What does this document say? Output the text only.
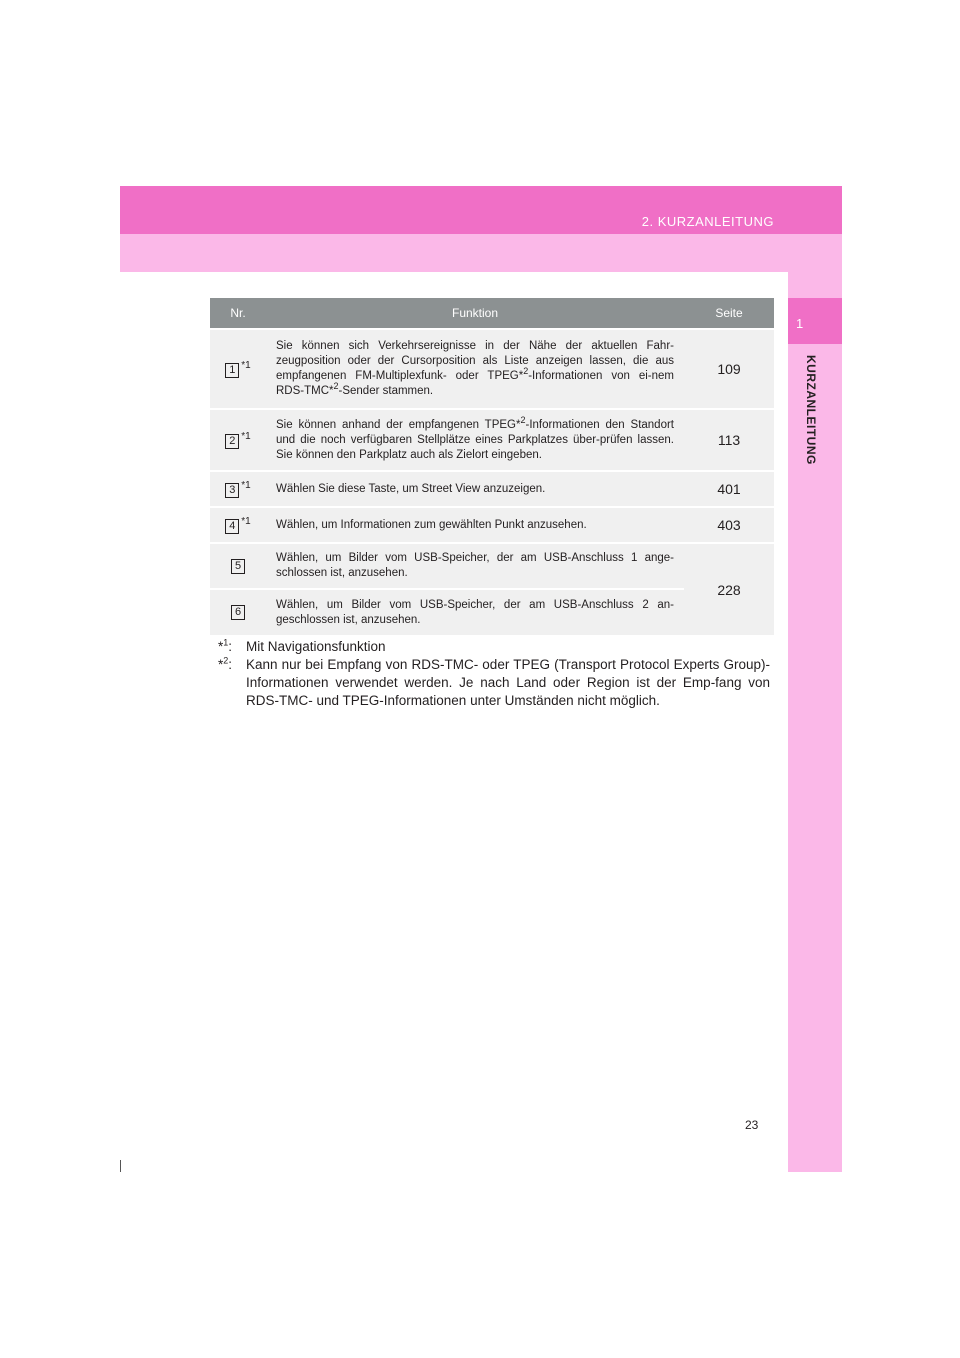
2. KURZANLEITUNG
1
KURZANLEITUNG
Nr.	Funktion	Seite
1 *1	Sie können sich Verkehrsereignisse in der Nähe der aktuellen Fahr-zeugposition oder der Cursorposition als Liste anzeigen lassen, die aus empfangenen FM-Multiplexfunk- oder TPEG*$^2$-Informationen von ei-nem RDS-TMC*$^2$-Sender stammen.	109
2 *1	Sie können anhand der empfangenen TPEG*$^2$-Informationen den Standort und die noch verfügbaren Stellplätze eines Parkplatzes über-prüfen lassen. Sie können den Parkplatz auch als Zielort eingeben.	113
3 *1	Wählen Sie diese Taste, um Street View anzuzeigen.	401
4 *1	Wählen, um Informationen zum gewählten Punkt anzusehen.	403
5	Wählen, um Bilder vom USB-Speicher, der am USB-Anschluss 1 ange-schlossen ist, anzusehen.	228
6	Wählen, um Bilder vom USB-Speicher, der am USB-Anschluss 2 an-geschlossen ist, anzusehen.	
*$^1$: Mit Navigationsfunktion
*$^2$: Kann nur bei Empfang von RDS-TMC- oder TPEG (Transport Protocol Experts Group)-Informationen verwendet werden. Je nach Land oder Region ist der Emp-fang von RDS-TMC- und TPEG-Informationen unter Umständen nicht möglich.
23
